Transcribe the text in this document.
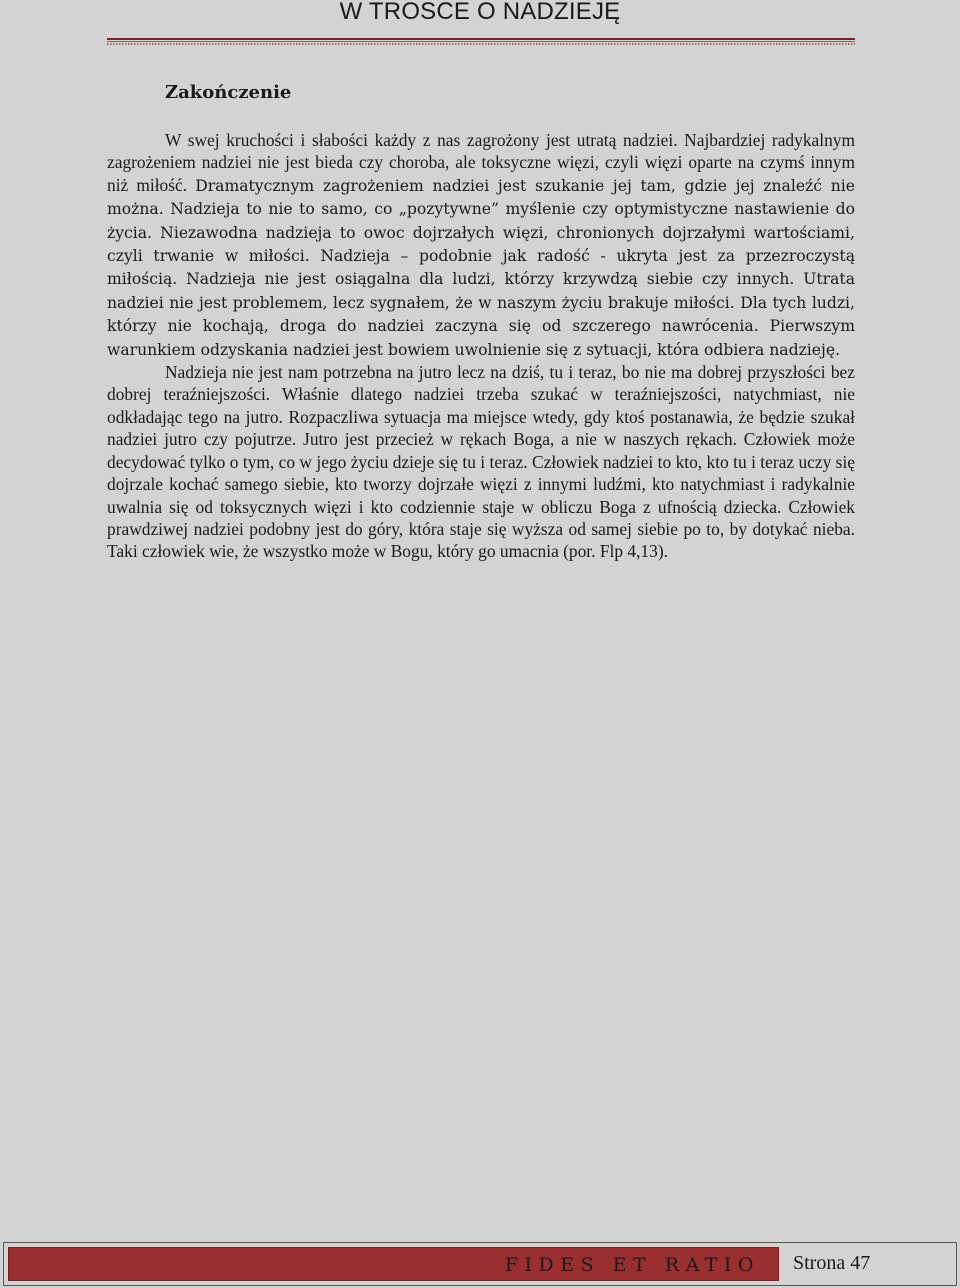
W TROSCE O NADZIEJĘ
Zakończenie

W swej kruchości i słabości każdy z nas zagrożony jest utratą nadziei. Najbardziej radykalnym zagrożeniem nadziei nie jest bieda czy choroba, ale toksyczne więzi, czyli więzi oparte na czymś innym niż miłość. Dramatycznym zagrożeniem nadziei jest szukanie jej tam, gdzie jej znaleźć nie można. Nadzieja to nie to samo, co „pozytywne” myślenie czy optymistyczne nastawienie do życia. Niezawodna nadzieja to owoc dojrzałych więzi, chronionych dojrzałymi wartościami, czyli trwanie w miłości. Nadzieja – podobnie jak radość - ukryta jest za przezroczystą miłością. Nadzieja nie jest osiągalna dla ludzi, którzy krzywdzą siebie czy innych. Utrata nadziei nie jest problemem, lecz sygnałem, że w naszym życiu brakuje miłości. Dla tych ludzi, którzy nie kochają, droga do nadziei zaczyna się od szczerego nawrócenia. Pierwszym warunkiem odzyskania nadziei jest bowiem uwolnienie się z sytuacji, która odbiera nadzieję.

Nadzieja nie jest nam potrzebna na jutro lecz na dziś, tu i teraz, bo nie ma dobrej przyszłości bez dobrej teraźniejszości. Właśnie dlatego nadziei trzeba szukać w teraźniejszości, natychmiast, nie odkładając tego na jutro. Rozpaczliwa sytuacja ma miejsce wtedy, gdy ktoś postanawia, że będzie szukał nadziei jutro czy pojutrze. Jutro jest przecież w rękach Boga, a nie w naszych rękach. Człowiek może decydować tylko o tym, co w jego życiu dzieje się tu i teraz. Człowiek nadziei to kto, kto tu i teraz uczy się dojrzale kochać samego siebie, kto tworzy dojrzałe więzi z innymi ludźmi, kto natychmiast i radykalnie uwalnia się od toksycznych więzi i kto codziennie staje w obliczu Boga z ufnością dziecka. Człowiek prawdziwej nadziei podobny jest do góry, która staje się wyższa od samej siebie po to, by dotykać nieba. Taki człowiek wie, że wszystko może w Bogu, który go umacnia (por. Flp 4,13).

FIDES ET RATIO Strona 47
